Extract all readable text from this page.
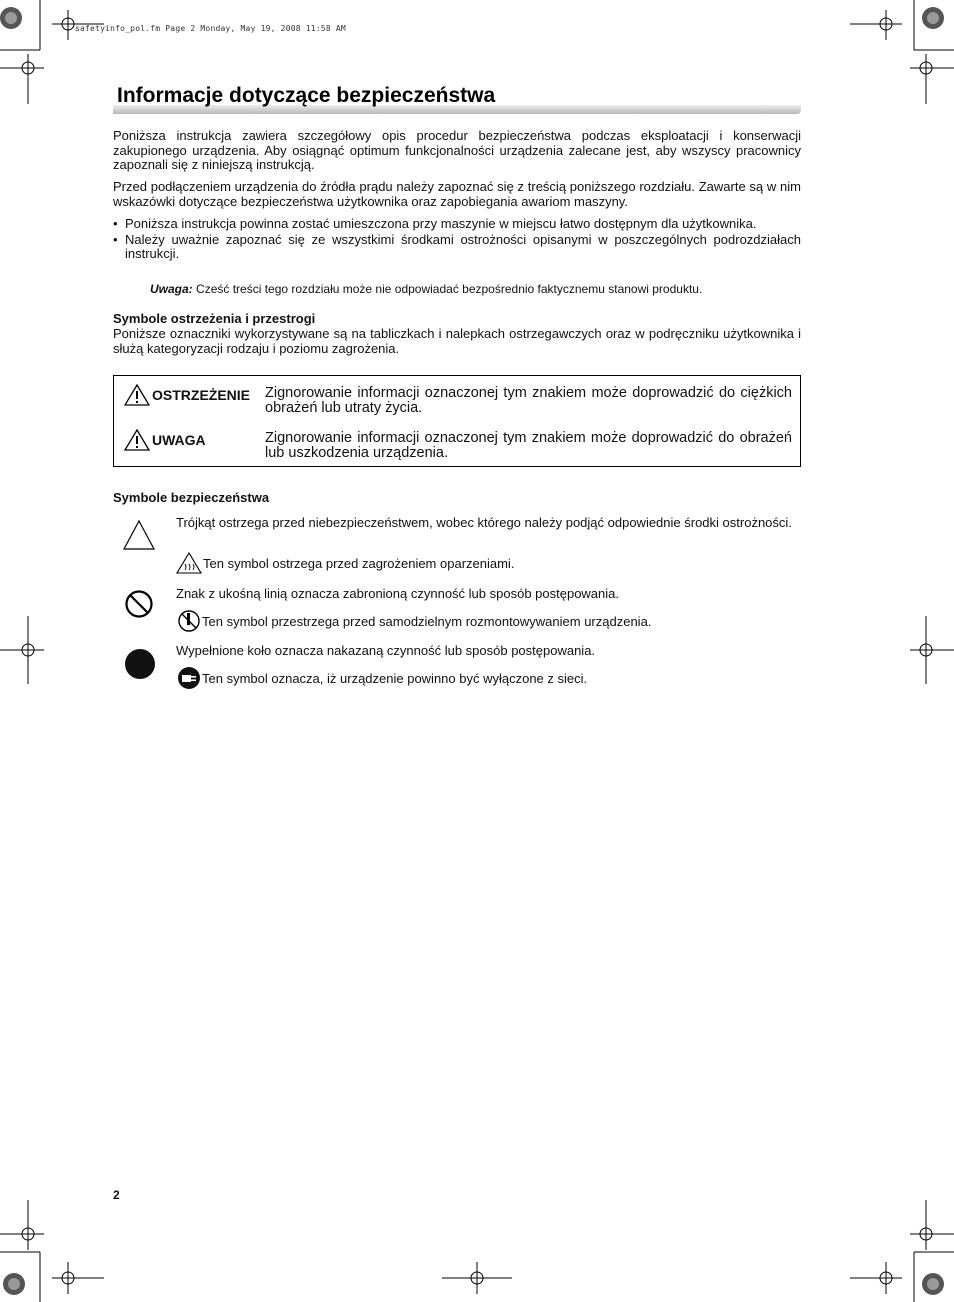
safetyinfo_pol.fm Page 2 Monday, May 19, 2008 11:58 AM
Informacje dotyczące bezpieczeństwa
Poniższa instrukcja zawiera szczegółowy opis procedur bezpieczeństwa podczas eksploatacji i konserwacji zakupionego urządzenia. Aby osiągnąć optimum funkcjonalności urządzenia zalecane jest, aby wszyscy pracownicy zapoznali się z niniejszą instrukcją.
Przed podłączeniem urządzenia do źródła prądu należy zapoznać się z treścią poniższego rozdziału. Zawarte są w nim wskazówki dotyczące bezpieczeństwa użytkownika oraz zapobiegania awariom maszyny.
• Poniższa instrukcja powinna zostać umieszczona przy maszynie w miejscu łatwo dostępnym dla użytkownika.
• Należy uważnie zapoznać się ze wszystkimi środkami ostrożności opisanymi w poszczególnych podrozdziałach instrukcji.
Uwaga: Cześć treści tego rozdziału może nie odpowiadać bezpośrednio faktycznemu stanowi produktu.
Symbole ostrzeżenia i przestrogi
Poniższe oznaczniki wykorzystywane są na tabliczkach i nalepkach ostrzegawczych oraz w podręczniku użytkownika i służą kategoryzacji rodzaju i poziomu zagrożenia.
OSTRZEŻENIE Zignorowanie informacji oznaczonej tym znakiem może doprowadzić do ciężkich obrażeń lub utraty życia.
UWAGA	Zignorowanie informacji oznaczonej tym znakiem może doprowadzić do obrażeń lub uszkodzenia urządzenia.
Symbole bezpieczeństwa
Trójkąt ostrzega przed niebezpieczeństwem, wobec którego należy podjąć odpowiednie środki ostrożności.
Ten symbol ostrzega przed zagrożeniem oparzeniami.
Znak z ukośną linią oznacza zabronioną czynność lub sposób postępowania.
Ten symbol przestrzega przed samodzielnym rozmontowywaniem urządzenia.
Wypełnione koło oznacza nakazaną czynność lub sposób postępowania.
Ten symbol oznacza, iż urządzenie powinno być wyłączone z sieci.
2
